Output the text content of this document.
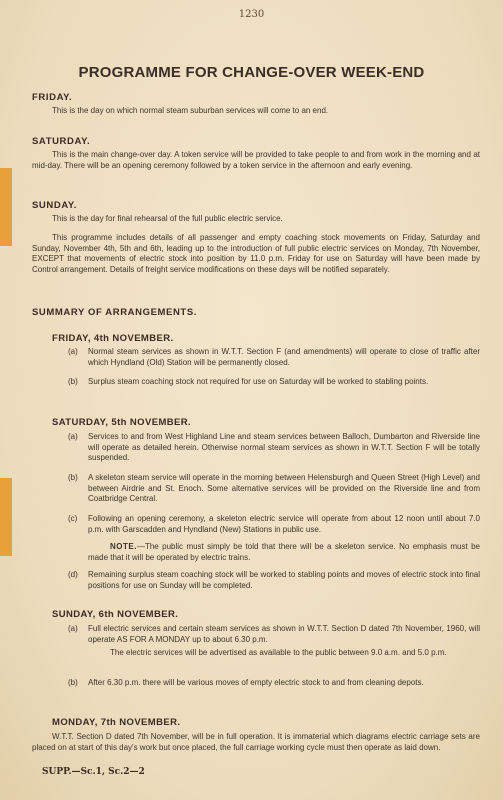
1230
PROGRAMME FOR CHANGE-OVER WEEK-END
FRIDAY.
This is the day on which normal steam suburban services will come to an end.
SATURDAY.
This is the main change-over day. A token service will be provided to take people to and from work in the morning and at mid-day. There will be an opening ceremony followed by a token service in the afternoon and early evening.
SUNDAY.
This is the day for final rehearsal of the full public electric service.
This programme includes details of all passenger and empty coaching stock movements on Friday, Saturday and Sunday, November 4th, 5th and 6th, leading up to the introduction of full public electric services on Monday, 7th November, EXCEPT that movements of electric stock into position by 11.0 p.m. Friday for use on Saturday will have been made by Control arrangement. Details of freight service modifications on these days will be notified separately.
SUMMARY OF ARRANGEMENTS.
FRIDAY, 4th NOVEMBER.
(a)	Normal steam services as shown in W.T.T. Section F (and amendments) will operate to close of traffic after which Hyndland (Old) Station will be permanently closed.
(b)	Surplus steam coaching stock not required for use on Saturday will be worked to stabling points.
SATURDAY, 5th NOVEMBER.
(a)	Services to and from West Highland Line and steam services between Balloch, Dumbarton and Riverside line will operate as detailed herein. Otherwise normal steam services as shown in W.T.T. Section F will be totally suspended.
(b)	A skeleton steam service will operate in the morning between Helensburgh and Queen Street (High Level) and between Airdrie and St. Enoch. Some alternative services will be provided on the Riverside line and from Coatbridge Central.
(c)	Following an opening ceremony, a skeleton electric service will operate from about 12 noon until about 7.0 p.m. with Garscadden and Hyndland (New) Stations in public use.
NOTE.—The public must simply be told that there will be a skeleton service. No emphasis must be made that it will be operated by electric trains.
(d)	Remaining surplus steam coaching stock will be worked to stabling points and moves of electric stock into final positions for use on Sunday will be completed.
SUNDAY, 6th NOVEMBER.
(a)	Full electric services and certain steam services as shown in W.T.T. Section D dated 7th November, 1960, will operate AS FOR A MONDAY up to about 6.30 p.m.
The electric services will be advertised as available to the public between 9.0 a.m. and 5.0 p.m.
(b)	After 6.30 p.m. there will be various moves of empty electric stock to and from cleaning depots.
MONDAY, 7th NOVEMBER.
W.T.T. Section D dated 7th November, will be in full operation. It is immaterial which diagrams electric carriage sets are placed on at start of this day's work but once placed, the full carriage working cycle must then operate as laid down.
SUPP.—Sc.1, Sc.2—2
